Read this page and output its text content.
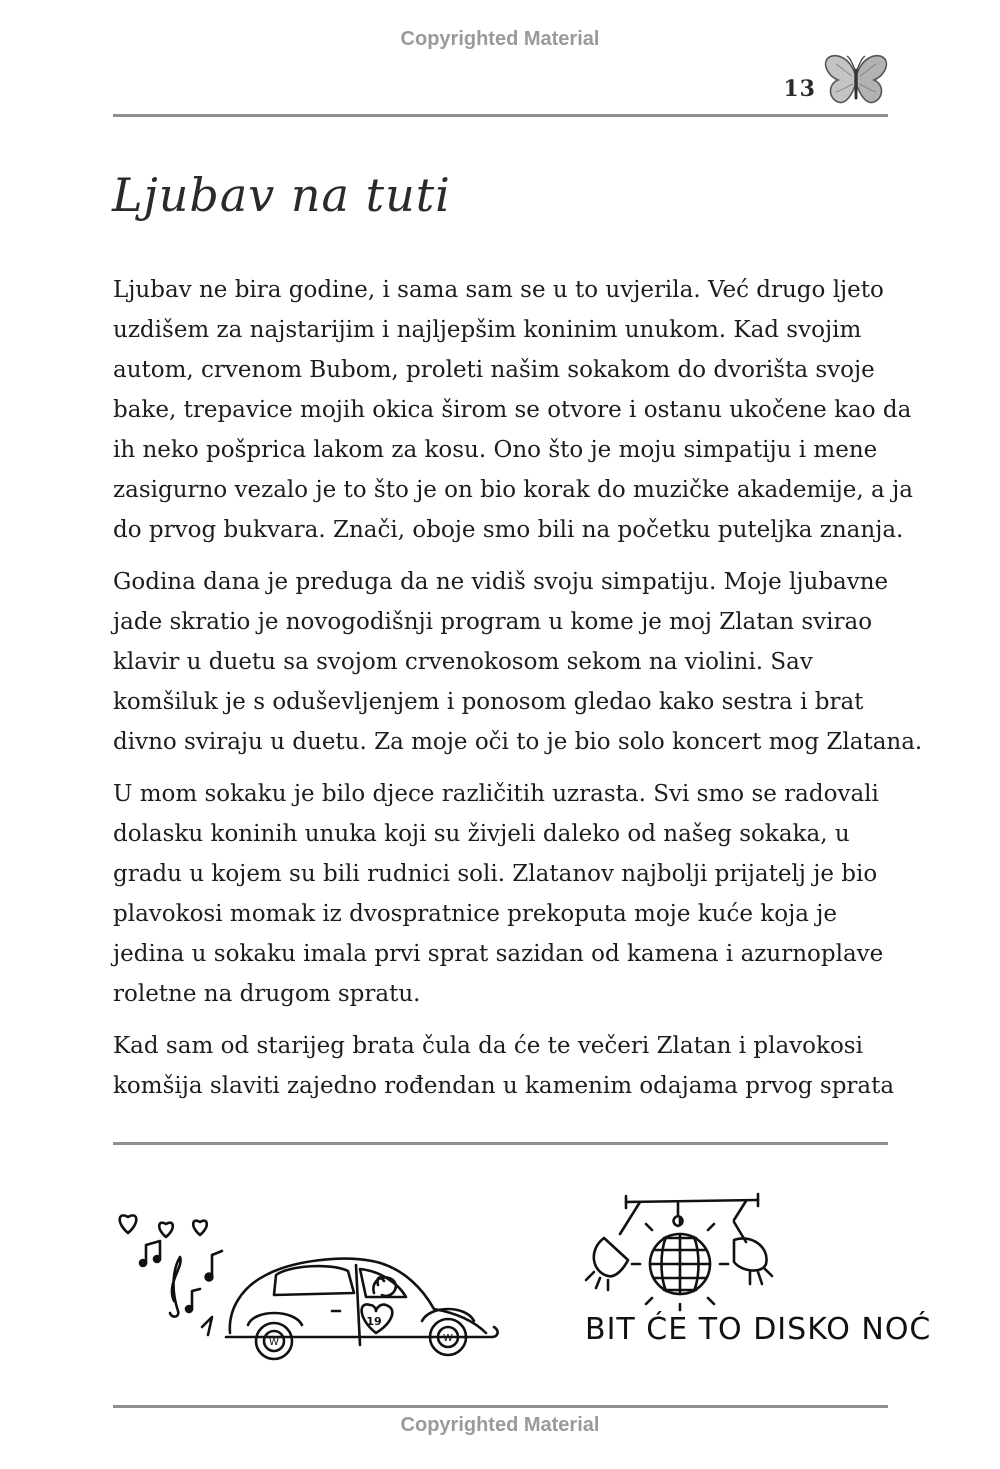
Copyrighted Material
13
Ljubav na tuti

Ljubav ne bira godine, i sama sam se u to uvjerila. Već drugo ljeto
uzdišem za najstarijim i najljepšim koninim unukom. Kad svojim
autom, crvenom Bubom, proleti našim sokakom do dvorišta svoje
bake, trepavice mojih okica širom se otvore i ostanu ukočene kao da
ih neko pošprica lakom za kosu. Ono što je moju simpatiju i mene
zasigurno vezalo je to što je on bio korak do muzičke akademije, a ja
do prvog bukvara. Znači, oboje smo bili na početku puteljka znanja.

Godina dana je preduga da ne vidiš svoju simpatiju. Moje ljubavne
jade skratio je novogodišnji program u kome je moj Zlatan svirao
klavir u duetu sa svojom crvenokosom sekom na violini. Sav
komšiluk je s oduševljenjem i ponosom gledao kako sestra i brat
divno sviraju u duetu. Za moje oči to je bio solo koncert mog Zlatana.

U mom sokaku je bilo djece različitih uzrasta. Svi smo se radovali
dolasku koninih unuka koji su živjeli daleko od našeg sokaka, u
gradu u kojem su bili rudnici soli. Zlatanov najbolji prijatelj je bio
plavokosi momak iz dvospratnice prekoputa moje kuće koja je
jedina u sokaku imala prvi sprat sazidan od kamena i azurnoplave
roletne na drugom spratu.

Kad sam od starijeg brata čula da će te večeri Zlatan i plavokosi
komšija slaviti zajedno rođendan u kamenim odajama prvog sprata

19
W	W	BIT ĆE TO DISKO NOĆ
Copyrighted Material
